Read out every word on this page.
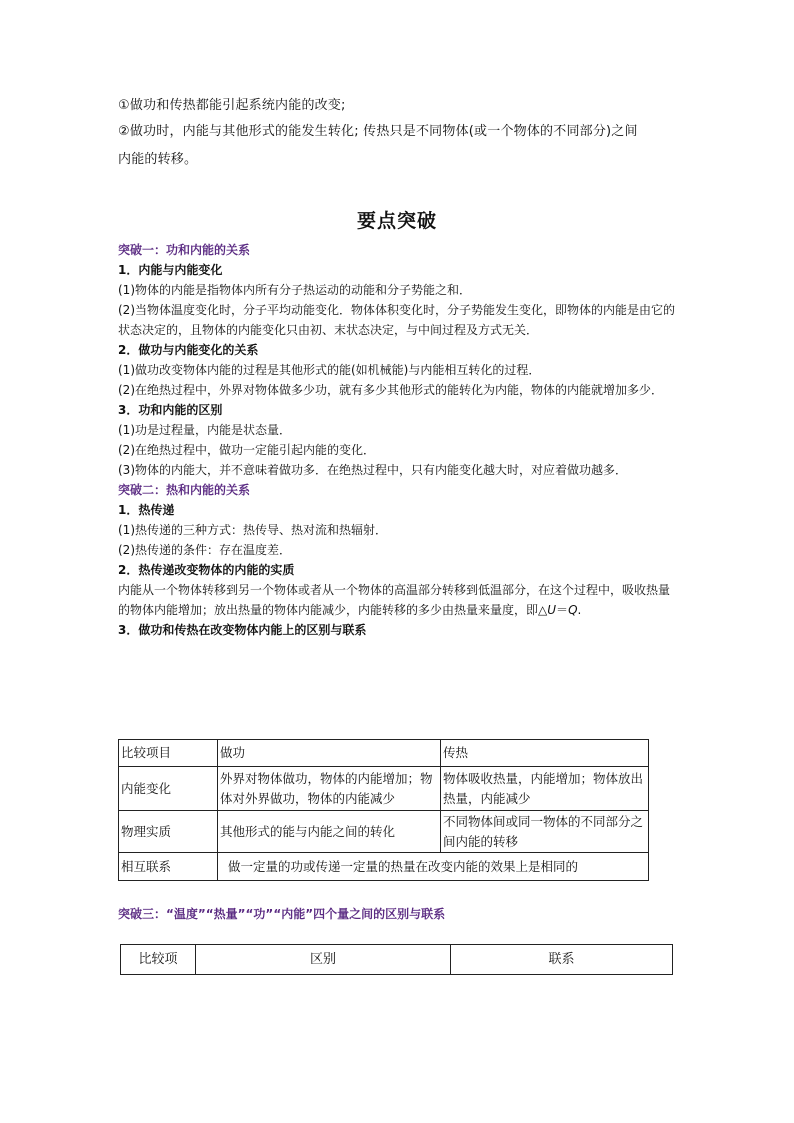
①做功和传热都能引起系统内能的改变;
②做功时，内能与其他形式的能发生转化; 传热只是不同物体(或一个物体的不同部分)之间
内能的转移。
要点突破

突破一：功和内能的关系

1．内能与内能变化

(1)物体的内能是指物体内所有分子热运动的动能和分子势能之和．

(2)当物体温度变化时，分子平均动能变化．物体体积变化时，分子势能发生变化，即物体的内能是由它的状态决定的，且物体的内能变化只由初、末状态决定，与中间过程及方式无关．

2．做功与内能变化的关系

(1)做功改变物体内能的过程是其他形式的能(如机械能)与内能相互转化的过程．

(2)在绝热过程中，外界对物体做多少功，就有多少其他形式的能转化为内能，物体的内能就增加多少．

3．功和内能的区别

(1)功是过程量，内能是状态量．

(2)在绝热过程中，做功一定能引起内能的变化．

(3)物体的内能大，并不意味着做功多．在绝热过程中，只有内能变化越大时，对应着做功越多．

突破二：热和内能的关系

1．热传递

(1)热传递的三种方式：热传导、热对流和热辐射．

(2)热传递的条件：存在温度差．

2．热传递改变物体的内能的实质

内能从一个物体转移到另一个物体或者从一个物体的高温部分转移到低温部分，在这个过程中，吸收热量的物体内能增加；放出热量的物体内能减少，内能转移的多少由热量来量度，即△U＝Q.

3．做功和传热在改变物体内能上的区别与联系

比较项目	做功	传热
内能变化	外界对物体做功，物体的内能增加；物体对外界做功，物体的内能减少	物体吸收热量，内能增加；物体放出热量，内能减少
物理实质	其他形式的能与内能之间的转化	不同物体间或同一物体的不同部分之间内能的转移
相互联系	做一定量的功或传递一定量的热量在改变内能的效果上是相同的	
突破三：“温度”“热量”“功”“内能”四个量之间的区别与联系
比较项	区别	联系
